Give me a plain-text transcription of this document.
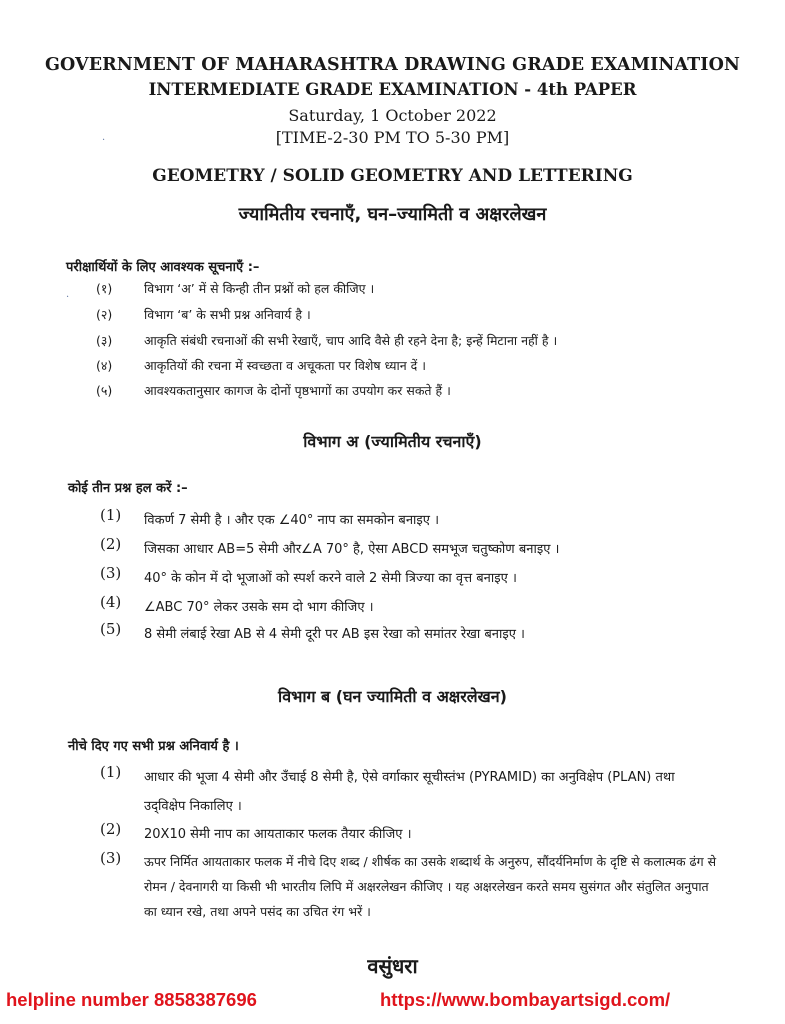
GOVERNMENT OF MAHARASHTRA DRAWING GRADE EXAMINATION
INTERMEDIATE GRADE EXAMINATION - 4th PAPER
Saturday, 1 October 2022
[TIME-2-30 PM TO 5-30 PM]
GEOMETRY / SOLID GEOMETRY AND LETTERING
ज्यामितीय रचनाएँ, घन–ज्यामिती व अक्षरलेखन
·
·
परीक्षार्थियों के लिए आवश्यक सूचनाएँ :–
(१)	विभाग ‘अ’ में से किन्ही तीन प्रश्नों को हल कीजिए ।
(२)	विभाग ‘ब’ के सभी प्रश्न अनिवार्य है ।
(३)	आकृति संबंधी रचनाओं की सभी रेखाएँ, चाप आदि वैसे ही रहने देना है; इन्हें मिटाना नहीं है ।
(४)	आकृतियों की रचना में स्वच्छता व अचूकता पर विशेष ध्यान दें ।
(५)	आवश्यकतानुसार कागज के दोनों पृष्ठभागों का उपयोग कर सकते हैं ।
विभाग अ (ज्यामितीय रचनाएँ)
कोई तीन प्रश्न हल करें :–
(1)	विकर्ण 7 सेमी है । और एक ∠40° नाप का समकोन बनाइए ।
(2)	जिसका आधार AB=5 सेमी और∠A 70° है, ऐसा ABCD समभूज चतुष्कोण बनाइए ।
(3)	40° के कोन में दो भूजाओं को स्पर्श करने वाले 2 सेमी त्रिज्या का वृत्त बनाइए ।
(4)	∠ABC 70° लेकर उसके सम दो भाग कीजिए ।
(5)	8 सेमी लंबाई रेखा AB से 4 सेमी दूरी पर AB इस रेखा को समांतर रेखा बनाइए ।
विभाग ब (घन ज्यामिती व अक्षरलेखन)
नीचे दिए गए सभी प्रश्न अनिवार्य है ।
(1)	आधार की भूजा 4 सेमी और उँचाई 8 सेमी है, ऐसे वर्गाकार सूचीस्तंभ (PYRAMID) का अनुविक्षेप (PLAN) तथा उद्‌विक्षेप निकालिए ।
(2)	20X10 सेमी नाप का आयताकार फलक तैयार कीजिए ।
(3)	ऊपर निर्मित आयताकार फलक में नीचे दिए शब्द / शीर्षक का उसके शब्दार्थ के अनुरुप, सौंदर्यनिर्माण के दृष्टि से कलात्मक ढंग से रोमन / देवनागरी या किसी भी भारतीय लिपि में अक्षरलेखन कीजिए । यह अक्षरलेखन करते समय सुसंगत और संतुलित अनुपात का ध्यान रखे, तथा अपने पसंद का उचित रंग भरें ।
वसुंधरा
helpline number 8858387696	https://www.bombayartsigd.com/
